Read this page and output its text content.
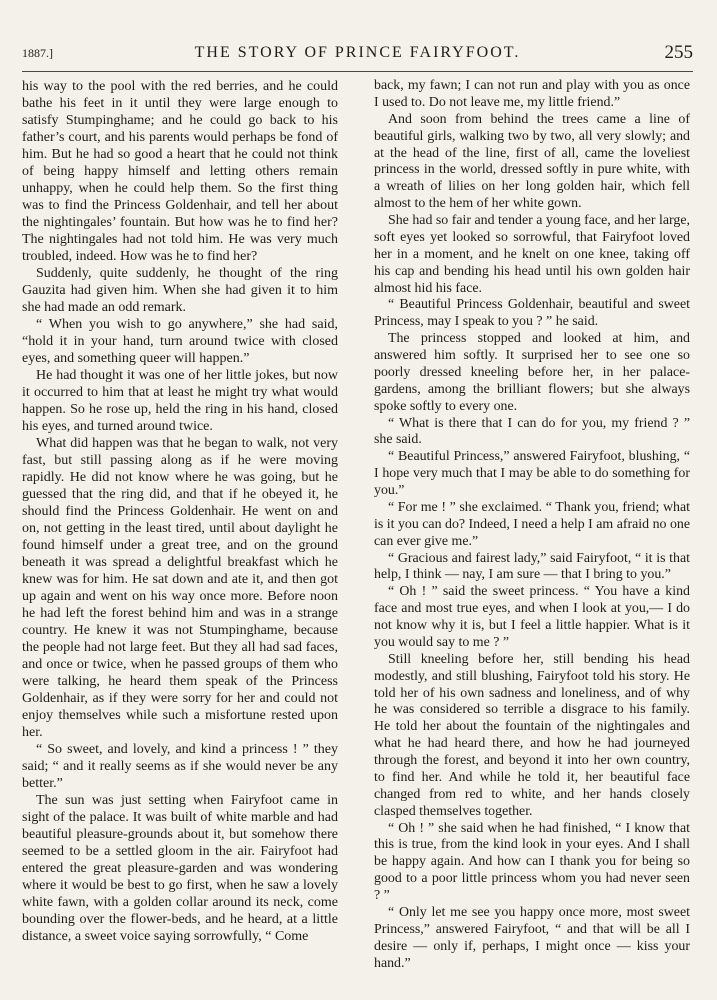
1887.]	THE STORY OF PRINCE FAIRYFOOT.	255

his way to the pool with the red berries, and he could bathe his feet in it until they were large enough to satisfy Stumpinghame; and he could go back to his father’s court, and his parents would perhaps be fond of him. But he had so good a heart that he could not think of being happy himself and letting others remain unhappy, when he could help them. So the first thing was to find the Princess Goldenhair, and tell her about the nightingales’ fountain. But how was he to find her? The nightingales had not told him. He was very much troubled, indeed. How was he to find her?

Suddenly, quite suddenly, he thought of the ring Gauzita had given him. When she had given it to him she had made an odd remark.

“ When you wish to go anywhere,” she had said, “hold it in your hand, turn around twice with closed eyes, and something queer will happen.”

He had thought it was one of her little jokes, but now it occurred to him that at least he might try what would happen. So he rose up, held the ring in his hand, closed his eyes, and turned around twice.

What did happen was that he began to walk, not very fast, but still passing along as if he were moving rapidly. He did not know where he was going, but he guessed that the ring did, and that if he obeyed it, he should find the Princess Goldenhair. He went on and on, not getting in the least tired, until about daylight he found himself under a great tree, and on the ground beneath it was spread a delightful breakfast which he knew was for him. He sat down and ate it, and then got up again and went on his way once more. Before noon he had left the forest behind him and was in a strange country. He knew it was not Stumpinghame, because the people had not large feet. But they all had sad faces, and once or twice, when he passed groups of them who were talking, he heard them speak of the Princess Goldenhair, as if they were sorry for her and could not enjoy themselves while such a misfortune rested upon her.

“ So sweet, and lovely, and kind a princess ! ” they said; “ and it really seems as if she would never be any better.”

The sun was just setting when Fairyfoot came in sight of the palace. It was built of white marble and had beautiful pleasure-grounds about it, but somehow there seemed to be a settled gloom in the air. Fairyfoot had entered the great pleasure-garden and was wondering where it would be best to go first, when he saw a lovely white fawn, with a golden collar around its neck, come bounding over the flower-beds, and he heard, at a little distance, a sweet voice saying sorrowfully, “ Come

back, my fawn; I can not run and play with you as once I used to. Do not leave me, my little friend.”

And soon from behind the trees came a line of beautiful girls, walking two by two, all very slowly; and at the head of the line, first of all, came the loveliest princess in the world, dressed softly in pure white, with a wreath of lilies on her long golden hair, which fell almost to the hem of her white gown.

She had so fair and tender a young face, and her large, soft eyes yet looked so sorrowful, that Fairyfoot loved her in a moment, and he knelt on one knee, taking off his cap and bending his head until his own golden hair almost hid his face.

“ Beautiful Princess Goldenhair, beautiful and sweet Princess, may I speak to you ? ” he said.

The princess stopped and looked at him, and answered him softly. It surprised her to see one so poorly dressed kneeling before her, in her palace-gardens, among the brilliant flowers; but she always spoke softly to every one.

“ What is there that I can do for you, my friend ? ” she said.

“ Beautiful Princess,” answered Fairyfoot, blushing, “ I hope very much that I may be able to do something for you.”

“ For me ! ” she exclaimed. “ Thank you, friend; what is it you can do? Indeed, I need a help I am afraid no one can ever give me.”

“ Gracious and fairest lady,” said Fairyfoot, “ it is that help, I think — nay, I am sure — that I bring to you.”

“ Oh ! ” said the sweet princess. “ You have a kind face and most true eyes, and when I look at you,— I do not know why it is, but I feel a little happier. What is it you would say to me ? ”

Still kneeling before her, still bending his head modestly, and still blushing, Fairyfoot told his story. He told her of his own sadness and loneliness, and of why he was considered so terrible a disgrace to his family. He told her about the fountain of the nightingales and what he had heard there, and how he had journeyed through the forest, and beyond it into her own country, to find her. And while he told it, her beautiful face changed from red to white, and her hands closely clasped themselves together.

“ Oh ! ” she said when he had finished, “ I know that this is true, from the kind look in your eyes. And I shall be happy again. And how can I thank you for being so good to a poor little princess whom you had never seen ? ”

“ Only let me see you happy once more, most sweet Princess,” answered Fairyfoot, “ and that will be all I desire — only if, perhaps, I might once — kiss your hand.”
